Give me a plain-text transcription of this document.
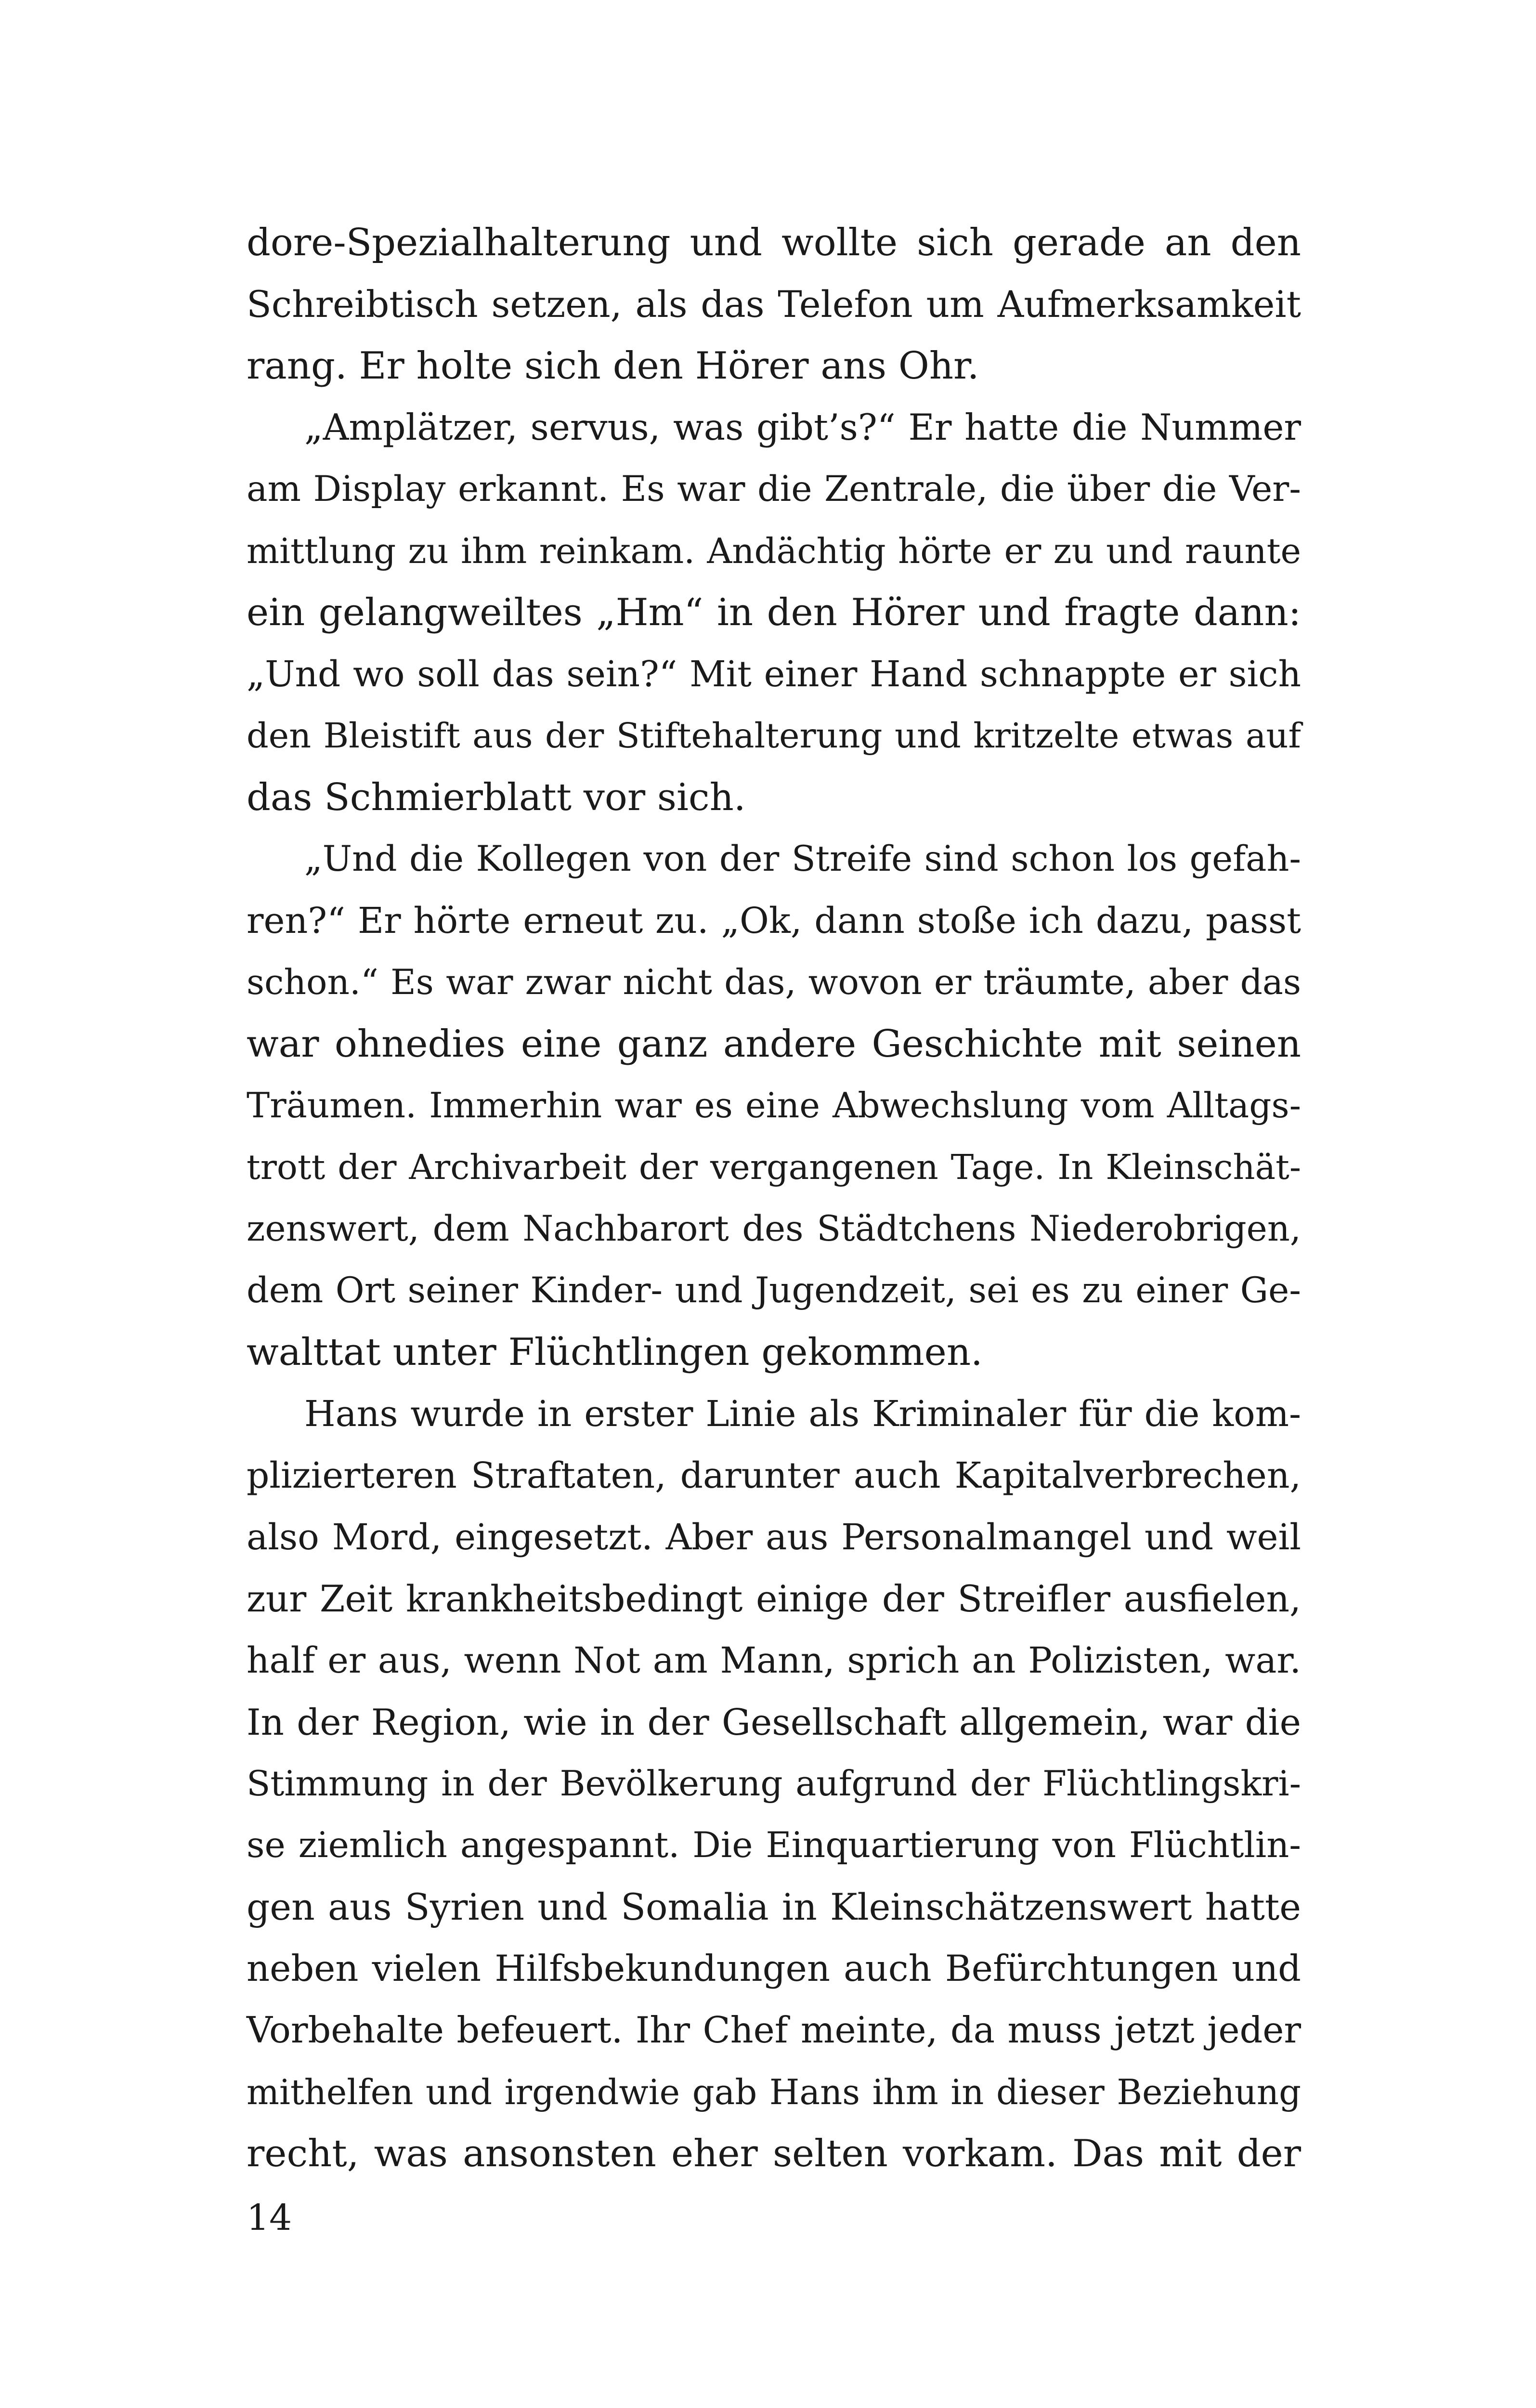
dore-Spezialhalterung und wollte sich gerade an den
Schreibtisch setzen, als das Telefon um Aufmerksamkeit
rang. Er holte sich den Hörer ans Ohr.
„Amplätzer, servus, was gibt’s?“ Er hatte die Nummer
am Display erkannt. Es war die Zentrale, die über die Ver-
mittlung zu ihm reinkam. Andächtig hörte er zu und raunte
ein gelangweiltes „Hm“ in den Hörer und fragte dann:
„Und wo soll das sein?“ Mit einer Hand schnappte er sich
den Bleistift aus der Stiftehalterung und kritzelte etwas auf
das Schmierblatt vor sich.
„Und die Kollegen von der Streife sind schon los gefah-
ren?“ Er hörte erneut zu. „Ok, dann stoße ich dazu, passt
schon.“ Es war zwar nicht das, wovon er träumte, aber das
war ohnedies eine ganz andere Geschichte mit seinen
Träumen. Immerhin war es eine Abwechslung vom Alltags-
trott der Archivarbeit der vergangenen Tage. In Kleinschät-
zenswert, dem Nachbarort des Städtchens Niederobrigen,
dem Ort seiner Kinder- und Jugendzeit, sei es zu einer Ge-
walttat unter Flüchtlingen gekommen.
Hans wurde in erster Linie als Kriminaler für die kom-
plizierteren Straftaten, darunter auch Kapitalverbrechen,
also Mord, eingesetzt. Aber aus Personalmangel und weil
zur Zeit krankheitsbedingt einige der Streifler ausfielen,
half er aus, wenn Not am Mann, sprich an Polizisten, war.
In der Region, wie in der Gesellschaft allgemein, war die
Stimmung in der Bevölkerung aufgrund der Flüchtlingskri-
se ziemlich angespannt. Die Einquartierung von Flüchtlin-
gen aus Syrien und Somalia in Kleinschätzenswert hatte
neben vielen Hilfsbekundungen auch Befürchtungen und
Vorbehalte befeuert. Ihr Chef meinte, da muss jetzt jeder
mithelfen und irgendwie gab Hans ihm in dieser Beziehung
recht, was ansonsten eher selten vorkam. Das mit der
14
